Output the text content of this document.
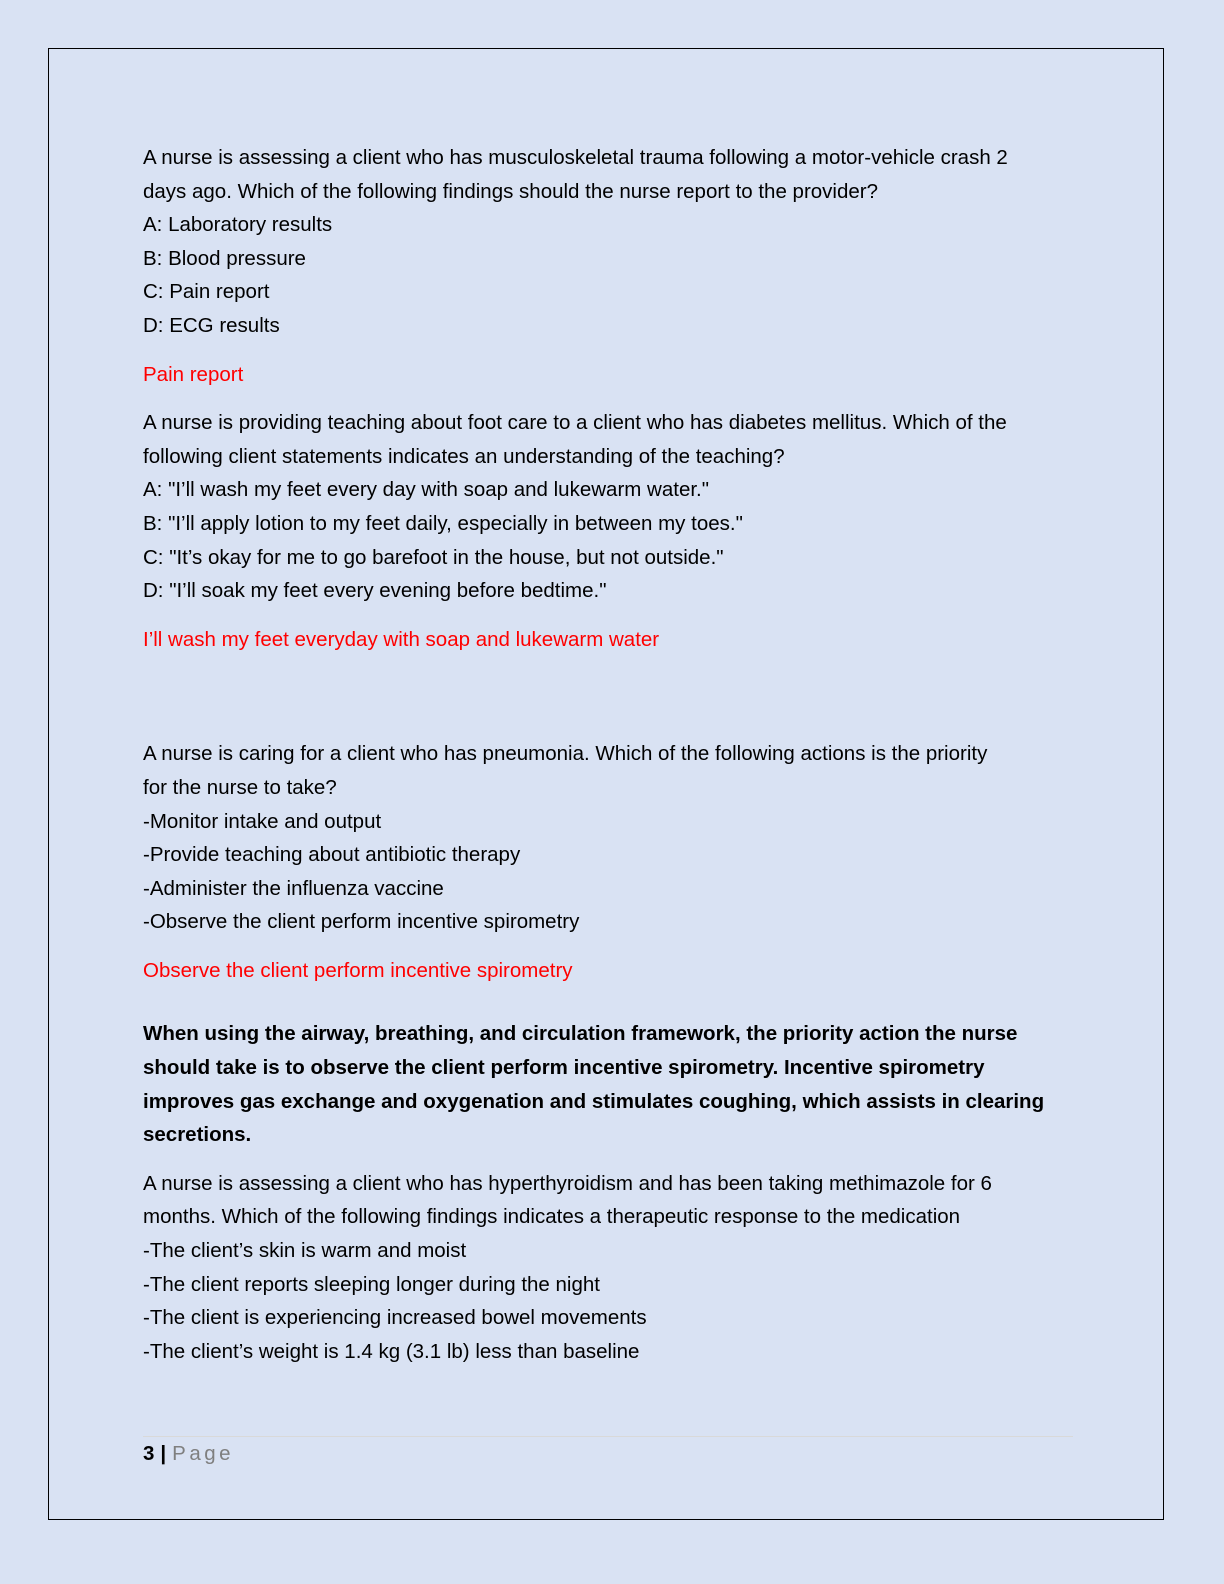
A nurse is assessing a client who has musculoskeletal trauma following a motor-vehicle crash 2

days ago. Which of the following findings should the nurse report to the provider?

A: Laboratory results

B: Blood pressure

C: Pain report

D: ECG results

Pain report

A nurse is providing teaching about foot care to a client who has diabetes mellitus. Which of the

following client statements indicates an understanding of the teaching?

A: "I’ll wash my feet every day with soap and lukewarm water."

B: "I’ll apply lotion to my feet daily, especially in between my toes."

C: "It’s okay for me to go barefoot in the house, but not outside."

D: "I’ll soak my feet every evening before bedtime."

I’ll wash my feet everyday with soap and lukewarm water

A nurse is caring for a client who has pneumonia. Which of the following actions is the priority

for the nurse to take?

-Monitor intake and output

-Provide teaching about antibiotic therapy

-Administer the influenza vaccine

-Observe the client perform incentive spirometry

Observe the client perform incentive spirometry

When using the airway, breathing, and circulation framework, the priority action the nurse

should take is to observe the client perform incentive spirometry. Incentive spirometry

improves gas exchange and oxygenation and stimulates coughing, which assists in clearing

secretions.

A nurse is assessing a client who has hyperthyroidism and has been taking methimazole for 6

months. Which of the following findings indicates a therapeutic response to the medication

-The client’s skin is warm and moist

-The client reports sleeping longer during the night

-The client is experiencing increased bowel movements

-The client’s weight is 1.4 kg (3.1 lb) less than baseline

3 | Page
